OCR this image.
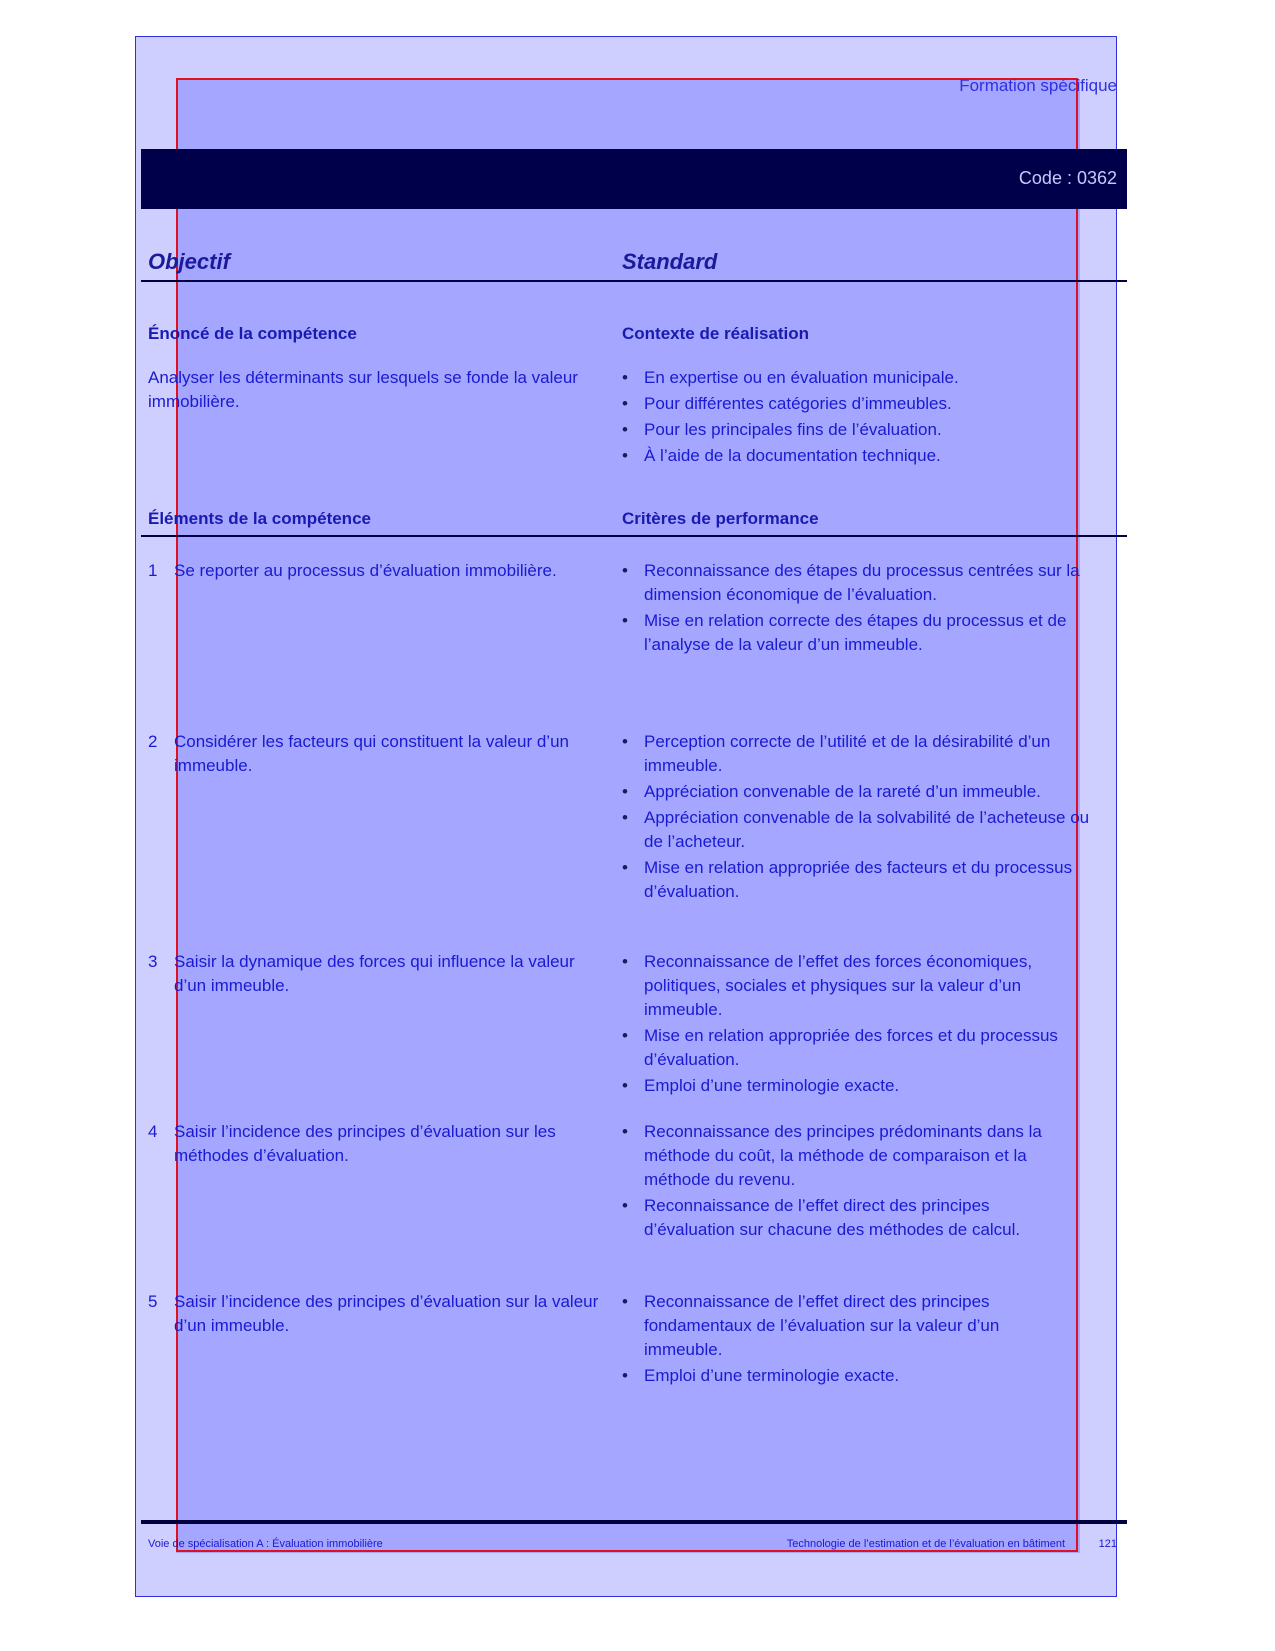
Formation spécifique
Code : 0362
Objectif	Standard
Énoncé de la compétence	Contexte de réalisation
Analyser les déterminants sur lesquels se fonde la valeur immobilière.
• En expertise ou en évaluation municipale.
• Pour différentes catégories d’immeubles.
• Pour les principales fins de l’évaluation.
• À l’aide de la documentation technique.
Éléments de la compétence	Critères de performance
1 Se reporter au processus d’évaluation immobilière.
•	Reconnaissance des étapes du processus centrées sur la dimension économique de l’évaluation.
• Mise en relation correcte des étapes du processus et de l’analyse de la valeur d’un immeuble.
2 Considérer les facteurs qui constituent la valeur d’un immeuble.
• Perception correcte de l’utilité et de la désirabilité d’un immeuble.
• Appréciation convenable de la rareté d’un immeuble.
• Appréciation convenable de la solvabilité de l’acheteuse ou de l’acheteur.
• Mise en relation appropriée des facteurs et du processus d’évaluation.
3 Saisir la dynamique des forces qui influence la valeur d’un immeuble.
• Reconnaissance de l’effet des forces économiques, politiques, sociales et physiques sur la valeur d’un immeuble.
• Mise en relation appropriée des forces et du processus d’évaluation.
• Emploi d’une terminologie exacte.
4 Saisir l’incidence des principes d’évaluation sur les méthodes d’évaluation.
• Reconnaissance des principes prédominants dans la méthode du coût, la méthode de comparaison et la méthode du revenu.
• Reconnaissance de l’effet direct des principes d’évaluation sur chacune des méthodes de calcul.
5 Saisir l’incidence des principes d’évaluation sur la valeur d’un immeuble.
• Reconnaissance de l’effet direct des principes fondamentaux de l’évaluation sur la valeur d’un immeuble.
• Emploi d’une terminologie exacte.
Voie de spécialisation A : Évaluation immobilière	Technologie de l’estimation et de l’évaluation en bâtiment	121
